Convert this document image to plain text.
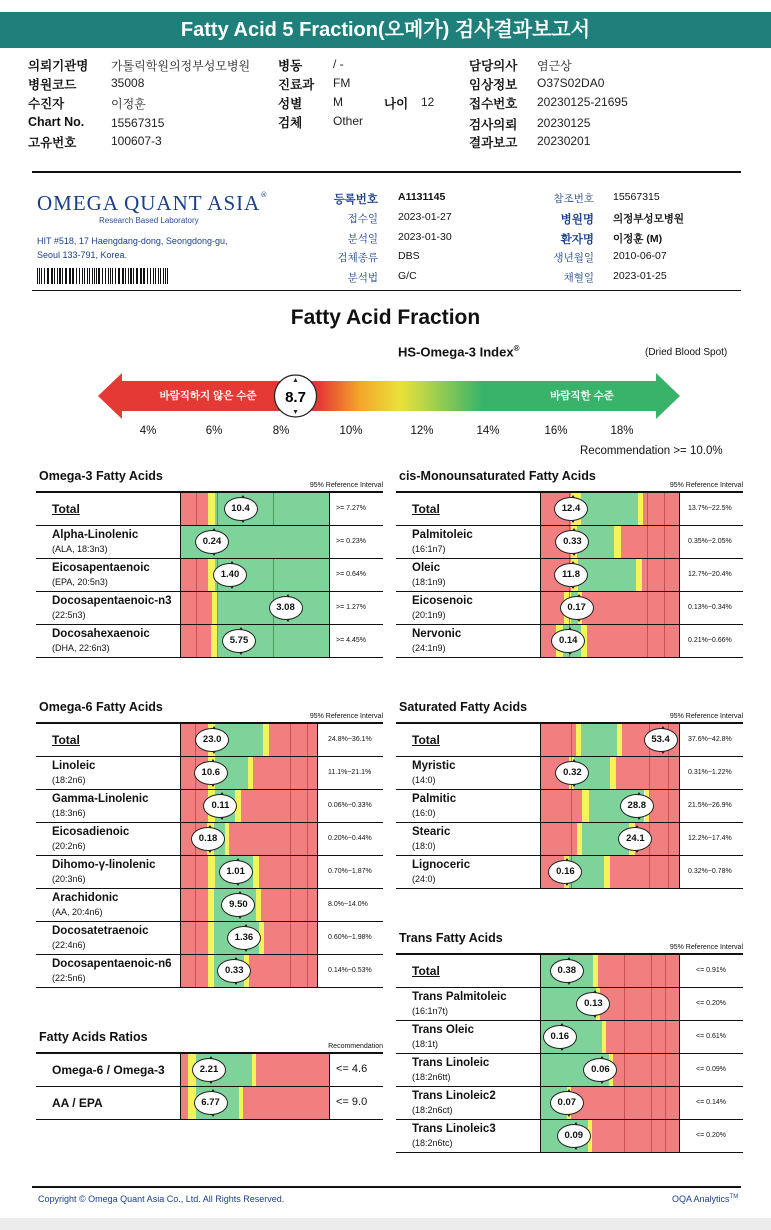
Fatty Acid 5 Fraction(오메가) 검사결과보고서
의뢰기관명 가톨릭학원의정부성모병원
병원코드	35008
수진자	이정훈
Chart No. 15567315
고유번호	100607-3
병동	/ -
진료과 FM
성별	M
검체	Other
나이 12
담당의사 염근상
임상정보 O37S02DA0
접수번호 20230125-21695
검사의뢰 20230125
결과보고 20230201
OMEGA QUANT ASIA®
Research Based Laboratory
HIT #518, 17 Haengdang-dong, Seongdong-gu,
Seoul 133-791, Korea.
등록번호 A1131145
접수일 2023-01-27
분석일 2023-01-30
검체종류 DBS
분석법 G/C
참조번호 15567315
병원명 의정부성모병원
환자명 이정훈 (M)
생년월일 2010-06-07
채혈일 2023-01-25
Fatty Acid Fraction
HS-Omega-3 Index®	(Dried Blood Spot)
바람직하지 않은 수준	바람직한 수준
8.7
4%	6%	8%	10%	12%	14%	16%	18%
Recommendation >= 10.0%
Omega-3 Fatty Acids
95% Reference Interval
Total	10.4	>= 7.27%
Alpha-Linolenic
(ALA, 18:3n3)
0.24	>= 0.23%
Eicosapentaenoic
(EPA, 20:5n3)
1.40	>= 0.64%
Docosapentaenoic-n3
(22:5n3)
3.08	>= 1.27%
Docosahexaenoic
(DHA, 22:6n3)
5.75	>= 4.45%
cis-Monounsaturated Fatty Acids
95% Reference Interval
Total	12.4	13.7%~22.5%
Palmitoleic
(16:1n7)
0.33	0.35%~2.05%
Oleic
(18:1n9)
11.8	12.7%~20.4%
Eicosenoic
(20:1n9)
0.17	0.13%~0.34%
Nervonic
(24:1n9)
0.14	0.21%~0.66%
Omega-6 Fatty Acids
95% Reference Interval
Total	23.0	24.8%~36.1%
Linoleic
(18:2n6)
10.6	11.1%~21.1%
Gamma-Linolenic
(18:3n6)
0.11	0.06%~0.33%
Eicosadienoic
(20:2n6)
0.18	0.20%~0.44%
Dihomo-γ-linolenic
(20:3n6)
1.01	0.70%~1.87%
Arachidonic
(AA, 20:4n6)
9.50	8.0%~14.0%
Docosatetraenoic
(22:4n6)
1.36	0.60%~1.98%
Docosapentaenoic-n6
(22:5n6)
0.33	0.14%~0.53%
Saturated Fatty Acids
95% Reference Interval
Total	53.4	37.6%~42.8%
Myristic
(14:0)
0.32	0.31%~1.22%
Palmitic
(16:0)
28.8	21.5%~26.9%
Stearic
(18:0)
24.1	12.2%~17.4%
Lignoceric
(24:0)
0.16	0.32%~0.78%
Trans Fatty Acids
95% Reference Interval
Total	0.38	<= 0.91%
Trans Palmitoleic
(16:1n7t)
0.13	<= 0.20%
Trans Oleic
(18:1t)
0.16	<= 0.61%
Trans Linoleic
(18:2n6tt)
0.06	<= 0.09%
Trans Linoleic2
(18:2n6ct)
0.07	<= 0.14%
Trans Linoleic3
(18:2n6tc)
0.09	<= 0.20%
Fatty Acids Ratios
Recommendation
Omega-6 / Omega-3	2.21	<= 4.6
AA / EPA	6.77	<= 9.0
Copyright © Omega Quant Asia Co., Ltd. All Rights Reserved.	OQA Analytics™
